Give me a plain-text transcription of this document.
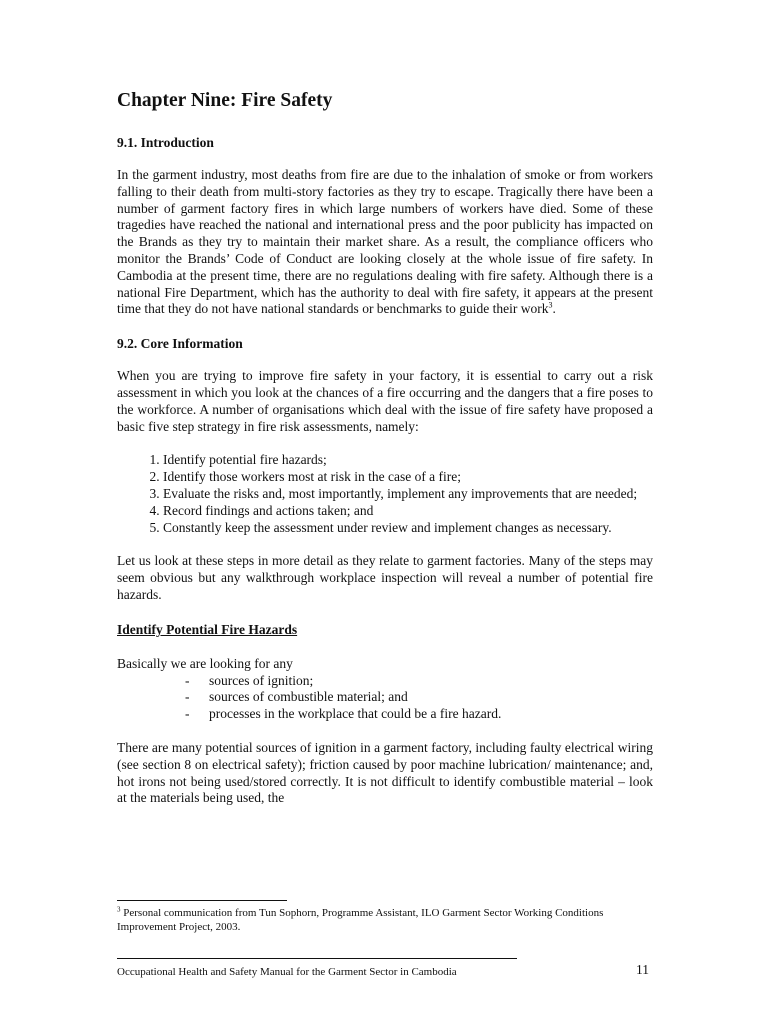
Chapter Nine: Fire Safety
9.1. Introduction

In the garment industry, most deaths from fire are due to the inhalation of smoke or from workers falling to their death from multi-story factories as they try to escape. Tragically there have been a number of garment factory fires in which large numbers of workers have died. Some of these tragedies have reached the national and international press and the poor publicity has impacted on the Brands as they try to maintain their market share. As a result, the compliance officers who monitor the Brands’ Code of Conduct are looking closely at the whole issue of fire safety. In Cambodia at the present time, there are no regulations dealing with fire safety. Although there is a national Fire Department, which has the authority to deal with fire safety, it appears at the present time that they do not have national standards or benchmarks to guide their work$^3$.

9.2. Core Information

When you are trying to improve fire safety in your factory, it is essential to carry out a risk assessment in which you look at the chances of a fire occurring and the dangers that a fire poses to the workforce. A number of organisations which deal with the issue of fire safety have proposed a basic five step strategy in fire risk assessments, namely:

1. Identify potential fire hazards;
2. Identify those workers most at risk in the case of a fire;
3. Evaluate the risks and, most importantly, implement any improvements that are needed;
4. Record findings and actions taken; and
5. Constantly keep the assessment under review and implement changes as necessary.

Let us look at these steps in more detail as they relate to garment factories. Many of the steps may seem obvious but any walkthrough workplace inspection will reveal a number of potential fire hazards.

Identify Potential Fire Hazards
Basically we are looking for any
- sources of ignition;
- sources of combustible material; and
- processes in the workplace that could be a fire hazard.

There are many potential sources of ignition in a garment factory, including faulty electrical wiring (see section 8 on electrical safety); friction caused by poor machine lubrication/ maintenance; and, hot irons not being used/stored correctly. It is not difficult to identify combustible material – look at the materials being used, the

$^3$ Personal communication from Tun Sophorn, Programme Assistant, ILO Garment Sector Working Conditions Improvement Project, 2003.
Occupational Health and Safety Manual for the Garment Sector in Cambodia	11
